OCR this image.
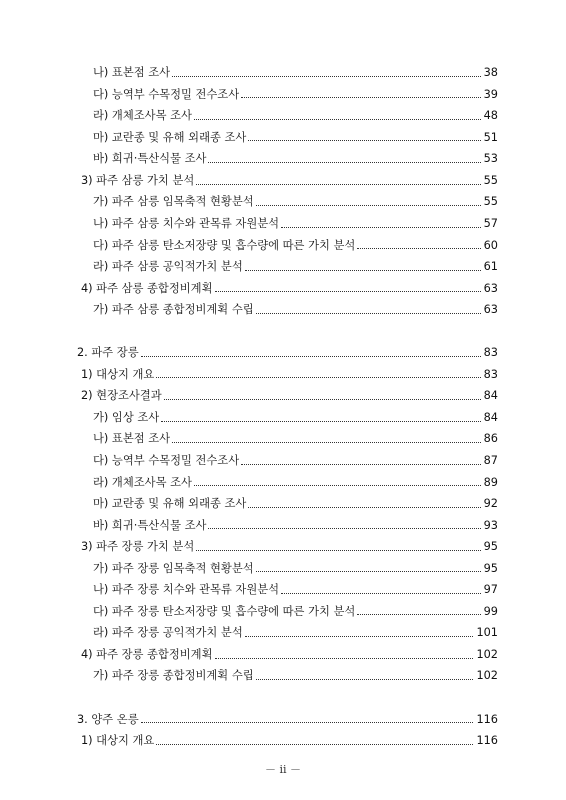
나) 표본점 조사	38
다) 능역부 수목정밀 전수조사	39
라) 개체조사목 조사	48
마) 교란종 및 유해 외래종 조사	51
바) 희귀·특산식물 조사	53
3) 파주 삼릉 가치 분석	55
가) 파주 삼릉 임목축적 현황분석	55
나) 파주 삼릉 치수와 관목류 자원분석	57
다) 파주 삼릉 탄소저장량 및 흡수량에 따른 가치 분석	60
라) 파주 삼릉 공익적가치 분석	61
4) 파주 삼릉 종합정비계획	63
가) 파주 삼릉 종합정비계획 수립	63
2. 파주 장릉	83
1) 대상지 개요	83
2) 현장조사결과	84
가) 임상 조사	84
나) 표본점 조사	86
다) 능역부 수목정밀 전수조사	87
라) 개체조사목 조사	89
마) 교란종 및 유해 외래종 조사	92
바) 희귀·특산식물 조사	93
3) 파주 장릉 가치 분석	95
가) 파주 장릉 임목축적 현황분석	95
나) 파주 장릉 치수와 관목류 자원분석	97
다) 파주 장릉 탄소저장량 및 흡수량에 따른 가치 분석	99
라) 파주 장릉 공익적가치 분석	101
4) 파주 장릉 종합정비계획	102
가) 파주 장릉 종합정비계획 수립	102
3. 양주 온릉	116
1) 대상지 개요	116
－ ii －
